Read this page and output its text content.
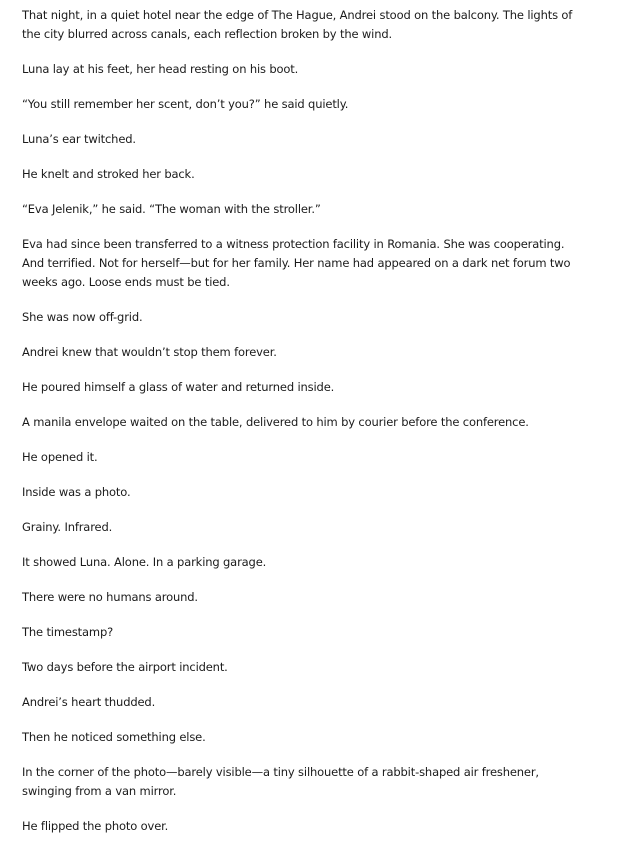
That night, in a quiet hotel near the edge of The Hague, Andrei stood on the balcony. The lights of the city blurred across canals, each reflection broken by the wind.

Luna lay at his feet, her head resting on his boot.

“You still remember her scent, don’t you?” he said quietly.

Luna’s ear twitched.

He knelt and stroked her back.

“Eva Jelenik,” he said. “The woman with the stroller.”

Eva had since been transferred to a witness protection facility in Romania. She was cooperating. And terrified. Not for herself—but for her family. Her name had appeared on a dark net forum two weeks ago. Loose ends must be tied.

She was now off-grid.

Andrei knew that wouldn’t stop them forever.

He poured himself a glass of water and returned inside.

A manila envelope waited on the table, delivered to him by courier before the conference.

He opened it.

Inside was a photo.

Grainy. Infrared.

It showed Luna. Alone. In a parking garage.

There were no humans around.

The timestamp?

Two days before the airport incident.

Andrei’s heart thudded.

Then he noticed something else.

In the corner of the photo—barely visible—a tiny silhouette of a rabbit-shaped air freshener, swinging from a van mirror.

He flipped the photo over.
